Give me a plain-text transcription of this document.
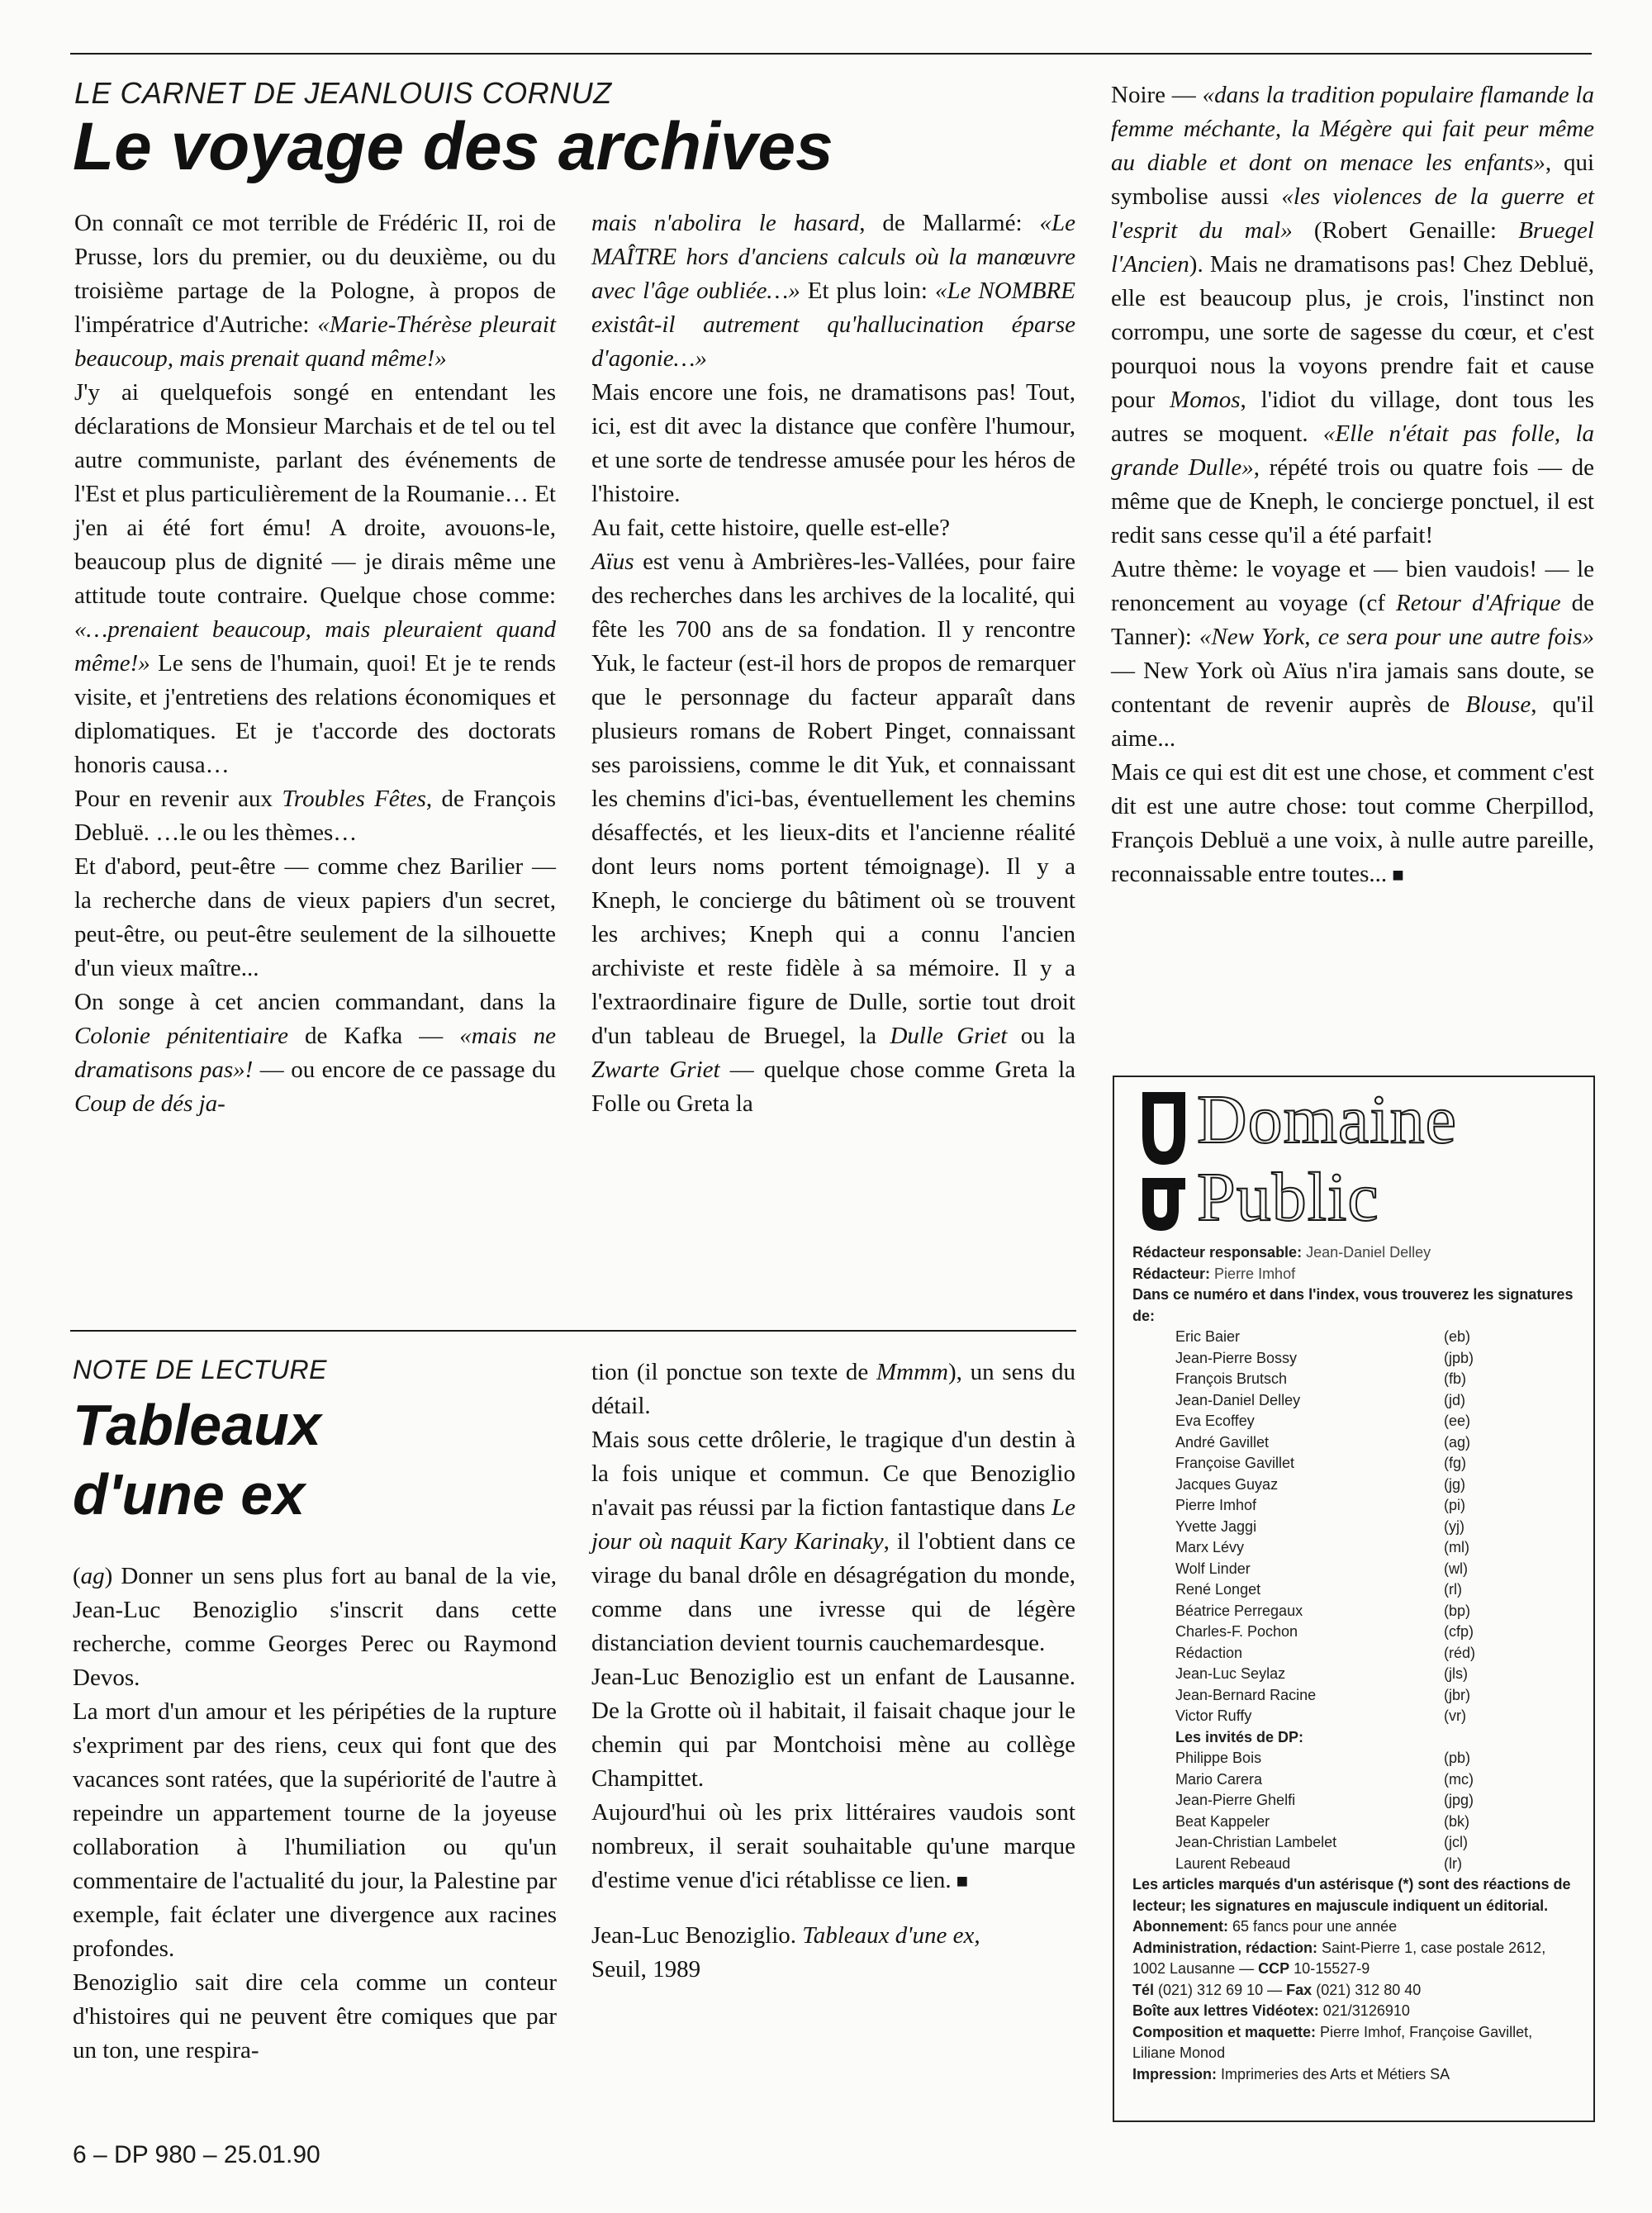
LE CARNET DE JEANLOUIS CORNUZ
Le voyage des archives

On connaît ce mot terrible de Frédéric II, roi de Prusse, lors du premier, ou du deuxième, ou du troisième partage de la Pologne, à propos de l'impératrice d'Autriche: «Marie-Thérèse pleurait beaucoup, mais prenait quand même!»

J'y ai quelquefois songé en entendant les déclarations de Monsieur Marchais et de tel ou tel autre communiste, parlant des événements de l'Est et plus particulièrement de la Roumanie… Et j'en ai été fort ému! A droite, avouons-le, beaucoup plus de dignité — je dirais même une attitude toute contraire. Quelque chose comme: «…prenaient beaucoup, mais pleuraient quand même!» Le sens de l'humain, quoi! Et je te rends visite, et j'entretiens des relations économiques et diplomatiques. Et je t'accorde des doctorats honoris causa…

Pour en revenir aux Troubles Fêtes, de François Debluë. …le ou les thèmes…

Et d'abord, peut-être — comme chez Barilier — la recherche dans de vieux papiers d'un secret, peut-être, ou peut-être seulement de la silhouette d'un vieux maître...

On songe à cet ancien commandant, dans la Colonie pénitentiaire de Kafka — «mais ne dramatisons pas»! — ou encore de ce passage du Coup de dés ja-

mais n'abolira le hasard, de Mallarmé: «Le MAÎTRE hors d'anciens calculs où la manœuvre avec l'âge oubliée…» Et plus loin: «Le NOMBRE existât-il autrement qu'hallucination éparse d'agonie…»

Mais encore une fois, ne dramatisons pas! Tout, ici, est dit avec la distance que confère l'humour, et une sorte de tendresse amusée pour les héros de l'histoire.

Au fait, cette histoire, quelle est-elle?

Aïus est venu à Ambrières-les-Vallées, pour faire des recherches dans les archives de la localité, qui fête les 700 ans de sa fondation. Il y rencontre Yuk, le facteur (est-il hors de propos de remarquer que le personnage du facteur apparaît dans plusieurs romans de Robert Pinget, connaissant ses paroissiens, comme le dit Yuk, et connaissant les chemins d'ici-bas, éventuellement les chemins désaffectés, et les lieux-dits et l'ancienne réalité dont leurs noms portent témoignage). Il y a Kneph, le concierge du bâtiment où se trouvent les archives; Kneph qui a connu l'ancien archiviste et reste fidèle à sa mémoire. Il y a l'extraordinaire figure de Dulle, sortie tout droit d'un tableau de Bruegel, la Dulle Griet ou la Zwarte Griet — quelque chose comme Greta la Folle ou Greta la

Noire — «dans la tradition populaire flamande la femme méchante, la Mégère qui fait peur même au diable et dont on menace les enfants», qui symbolise aussi «les violences de la guerre et l'esprit du mal» (Robert Genaille: Bruegel l'Ancien). Mais ne dramatisons pas! Chez Debluë, elle est beaucoup plus, je crois, l'instinct non corrompu, une sorte de sagesse du cœur, et c'est pourquoi nous la voyons prendre fait et cause pour Momos, l'idiot du village, dont tous les autres se moquent. «Elle n'était pas folle, la grande Dulle», répété trois ou quatre fois — de même que de Kneph, le concierge ponctuel, il est redit sans cesse qu'il a été parfait!

Autre thème: le voyage et — bien vaudois! — le renoncement au voyage (cf Retour d'Afrique de Tanner): «New York, ce sera pour une autre fois» — New York où Aïus n'ira jamais sans doute, se contentant de revenir auprès de Blouse, qu'il aime...

Mais ce qui est dit est une chose, et comment c'est dit est une autre chose: tout comme Cherpillod, François Debluë a une voix, à nulle autre pareille, reconnaissable entre toutes... ■

NOTE DE LECTURE
Tableaux
d'une ex

(ag) Donner un sens plus fort au banal de la vie, Jean-Luc Benoziglio s'inscrit dans cette recherche, comme Georges Perec ou Raymond Devos.

La mort d'un amour et les péripéties de la rupture s'expriment par des riens, ceux qui font que des vacances sont ratées, que la supériorité de l'autre à repeindre un appartement tourne de la joyeuse collaboration à l'humiliation ou qu'un commentaire de l'actualité du jour, la Palestine par exemple, fait éclater une divergence aux racines profondes.

Benoziglio sait dire cela comme un conteur d'histoires qui ne peuvent être comiques que par un ton, une respira-

tion (il ponctue son texte de Mmmm), un sens du détail.

Mais sous cette drôlerie, le tragique d'un destin à la fois unique et commun. Ce que Benoziglio n'avait pas réussi par la fiction fantastique dans Le jour où naquit Kary Karinaky, il l'obtient dans ce virage du banal drôle en désagrégation du monde, comme dans une ivresse qui de légère distanciation devient tournis cauchemardesque.

Jean-Luc Benoziglio est un enfant de Lausanne. De la Grotte où il habitait, il faisait chaque jour le chemin qui par Montchoisi mène au collège Champittet.

Aujourd'hui où les prix littéraires vaudois sont nombreux, il serait souhaitable qu'une marque d'estime venue d'ici rétablisse ce lien. ■

Jean-Luc Benoziglio. Tableaux d'une ex,
Seuil, 1989

Domaine
Public
Rédacteur responsable: Jean-Daniel Delley
Rédacteur: Pierre Imhof
Dans ce numéro et dans l'index, vous trouverez les signatures de:
Eric Baier	(eb)
Jean-Pierre Bossy	(jpb)
François Brutsch	(fb)
Jean-Daniel Delley	(jd)
Eva Ecoffey	(ee)
André Gavillet	(ag)
Françoise Gavillet	(fg)
Jacques Guyaz	(jg)
Pierre Imhof	(pi)
Yvette Jaggi	(yj)
Marx Lévy	(ml)
Wolf Linder	(wl)
René Longet	(rl)
Béatrice Perregaux	(bp)
Charles-F. Pochon	(cfp)
Rédaction	(réd)
Jean-Luc Seylaz	(jls)
Jean-Bernard Racine	(jbr)
Victor Ruffy	(vr)
Les invités de DP:
Philippe Bois	(pb)
Mario Carera	(mc)
Jean-Pierre Ghelfi	(jpg)
Beat Kappeler	(bk)
Jean-Christian Lambelet	(jcl)
Laurent Rebeaud	(lr)
Les articles marqués d'un astérisque (*) sont des réactions de lecteur; les signatures en majuscule indiquent un éditorial.
Abonnement: 65 fancs pour une année
Administration, rédaction: Saint-Pierre 1, case postale 2612, 1002 Lausanne — CCP 10-15527-9
Tél (021) 312 69 10 — Fax (021) 312 80 40
Boîte aux lettres Vidéotex: 021/3126910
Composition et maquette: Pierre Imhof, Françoise Gavillet, Liliane Monod
Impression: Imprimeries des Arts et Métiers SA
6 – DP 980 – 25.01.90
